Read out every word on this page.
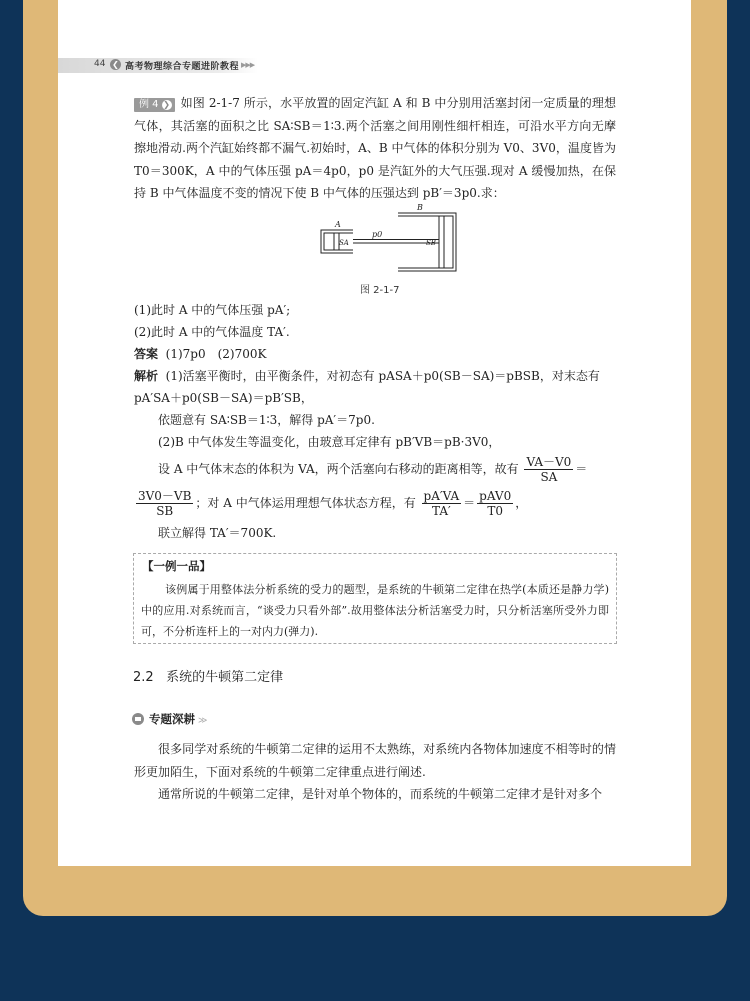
44 ❮ 高考物理综合专题进阶教程 ▶▶▶
例 4 ❯ 如图 2-1-7 所示，水平放置的固定汽缸 A 和 B 中分别用活塞封闭一定质量的理想气体，其活塞的面积之比 SA∶SB＝1∶3.两个活塞之间用刚性细杆相连，可沿水平方向无摩擦地滑动.两个汽缸始终都不漏气.初始时，A、B 中气体的体积分别为 V0、3V0，温度皆为 T0＝300K，A 中的气体压强 pA＝4p0，p0 是汽缸外的大气压强.现对 A 缓慢加热，在保持 B 中气体温度不变的情况下使 B 中气体的压强达到 pB′＝3p0.求：
A
B
p0
SA	SB
图 2-1-7
(1)此时 A 中的气体压强 pA′;
(2)此时 A 中的气体温度 TA′.
答案 (1)7p0　(2)700K
解析 (1)活塞平衡时，由平衡条件，对初态有 pASA＋p0(SB－SA)＝pBSB，对末态有
pA′SA＋p0(SB－SA)＝pB′SB，
依题意有 SA∶SB＝1∶3，解得 pA′＝7p0.
(2)B 中气体发生等温变化，由玻意耳定律有 pB′VB＝pB·3V0，
设 A 中气体末态的体积为 VA，两个活塞向右移动的距离相等，故有 $\frac{VA-V0}{SA}$ ＝
$\frac{3V0-VB}{SB}$ ；对 A 中气体运用理想气体状态方程，有 $\frac{pA'VA}{TA'} = \frac{\text{pAV0}}{T0}$ ，
联立解得 TA′＝700K.
【一例一品】
该例属于用整体法分析系统的受力的题型，是系统的牛顿第二定律在热学(本质还是静力学)中的应用.对系统而言，“谈受力只看外部”.故用整体法分析活塞受力时，只分析活塞所受外力即可，不分析连杆上的一对内力(弹力).
2.2 系统的牛顿第二定律
专题深耕 ≫
很多同学对系统的牛顿第二定律的运用不太熟练，对系统内各物体加速度不相等时的情形更加陌生，下面对系统的牛顿第二定律重点进行阐述.
通常所说的牛顿第二定律，是针对单个物体的，而系统的牛顿第二定律才是针对多个
